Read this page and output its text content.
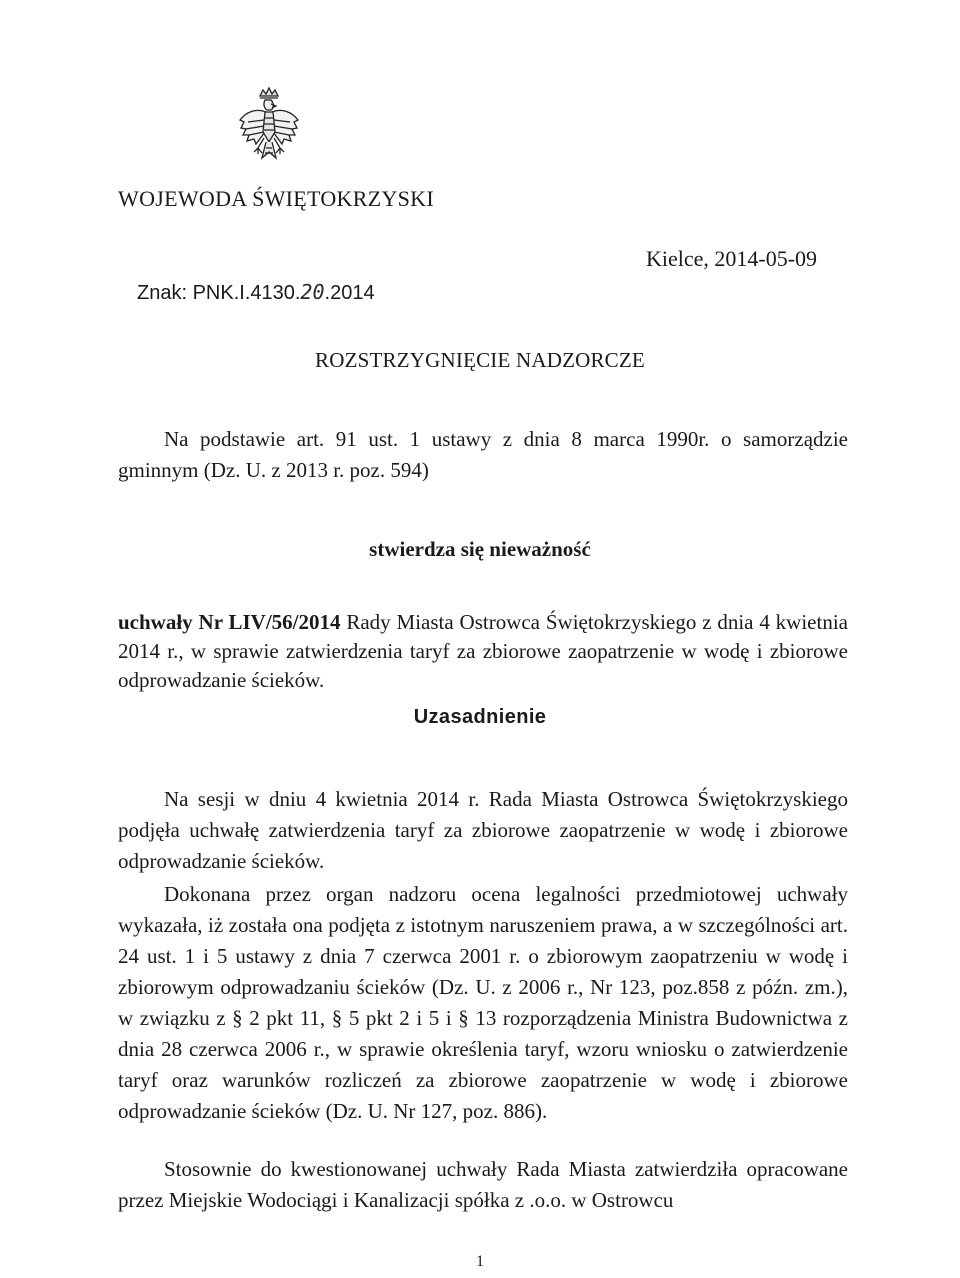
WOJEWODA ŚWIĘTOKRZYSKI
Kielce, 2014-05-09
Znak: PNK.I.4130.20.2014
ROZSTRZYGNIĘCIE NADZORCZE

Na podstawie art. 91 ust. 1 ustawy z dnia 8 marca 1990r. o samorządzie gminnym (Dz. U. z 2013 r. poz. 594)

stwierdza się nieważność

uchwały Nr LIV/56/2014 Rady Miasta Ostrowca Świętokrzyskiego z dnia 4 kwietnia 2014 r., w sprawie zatwierdzenia taryf za zbiorowe zaopatrzenie w wodę i zbiorowe odprowadzanie ścieków.

Uzasadnienie

Na sesji w dniu 4 kwietnia 2014 r. Rada Miasta Ostrowca Świętokrzyskiego podjęła uchwałę zatwierdzenia taryf za zbiorowe zaopatrzenie w wodę i zbiorowe odprowadzanie ścieków.

Dokonana przez organ nadzoru ocena legalności przedmiotowej uchwały wykazała, iż została ona podjęta z istotnym naruszeniem prawa, a w szczególności art. 24 ust. 1 i 5 ustawy z dnia 7 czerwca 2001 r. o zbiorowym zaopatrzeniu w wodę i zbiorowym odprowadzaniu ścieków (Dz. U. z 2006 r., Nr 123, poz.858 z późn. zm.), w związku z § 2 pkt 11, § 5 pkt 2 i 5 i § 13 rozporządzenia Ministra Budownictwa z dnia 28 czerwca 2006 r., w sprawie określenia taryf, wzoru wniosku o zatwierdzenie taryf oraz warunków rozliczeń za zbiorowe zaopatrzenie w wodę i zbiorowe odprowadzanie ścieków (Dz. U. Nr 127, poz. 886).

Stosownie do kwestionowanej uchwały Rada Miasta zatwierdziła opracowane przez Miejskie Wodociągi i Kanalizacji spółka z .o.o. w Ostrowcu

1
